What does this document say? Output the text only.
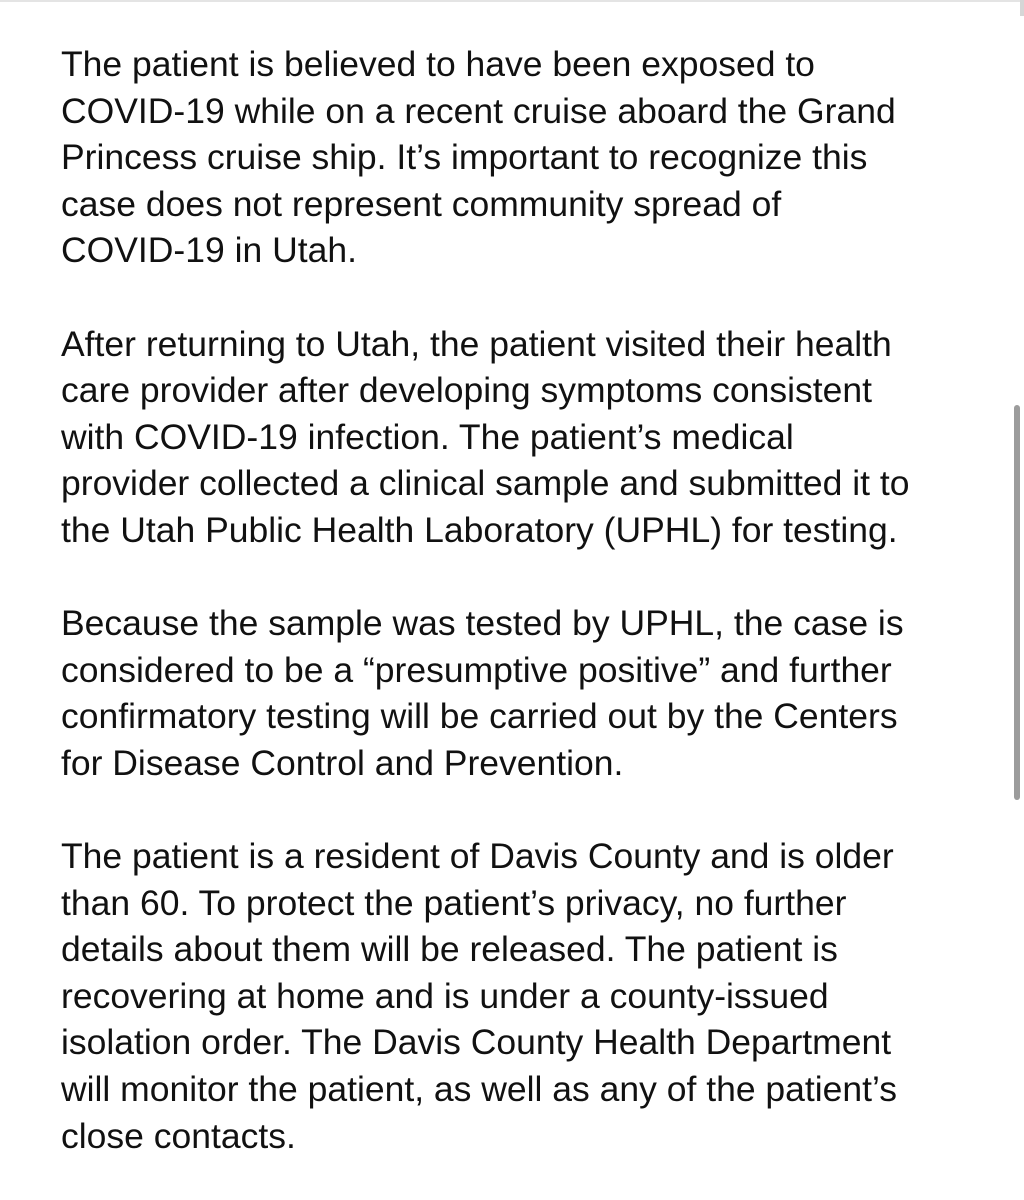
The patient is believed to have been exposed to
COVID-19 while on a recent cruise aboard the Grand
Princess cruise ship. It’s important to recognize this
case does not represent community spread of
COVID-19 in Utah.

After returning to Utah, the patient visited their health
care provider after developing symptoms consistent
with COVID-19 infection. The patient’s medical
provider collected a clinical sample and submitted it to
the Utah Public Health Laboratory (UPHL) for testing.

Because the sample was tested by UPHL, the case is
considered to be a “presumptive positive” and further
confirmatory testing will be carried out by the Centers
for Disease Control and Prevention.

The patient is a resident of Davis County and is older
than 60. To protect the patient’s privacy, no further
details about them will be released. The patient is
recovering at home and is under a county-issued
isolation order. The Davis County Health Department
will monitor the patient, as well as any of the patient’s
close contacts.
